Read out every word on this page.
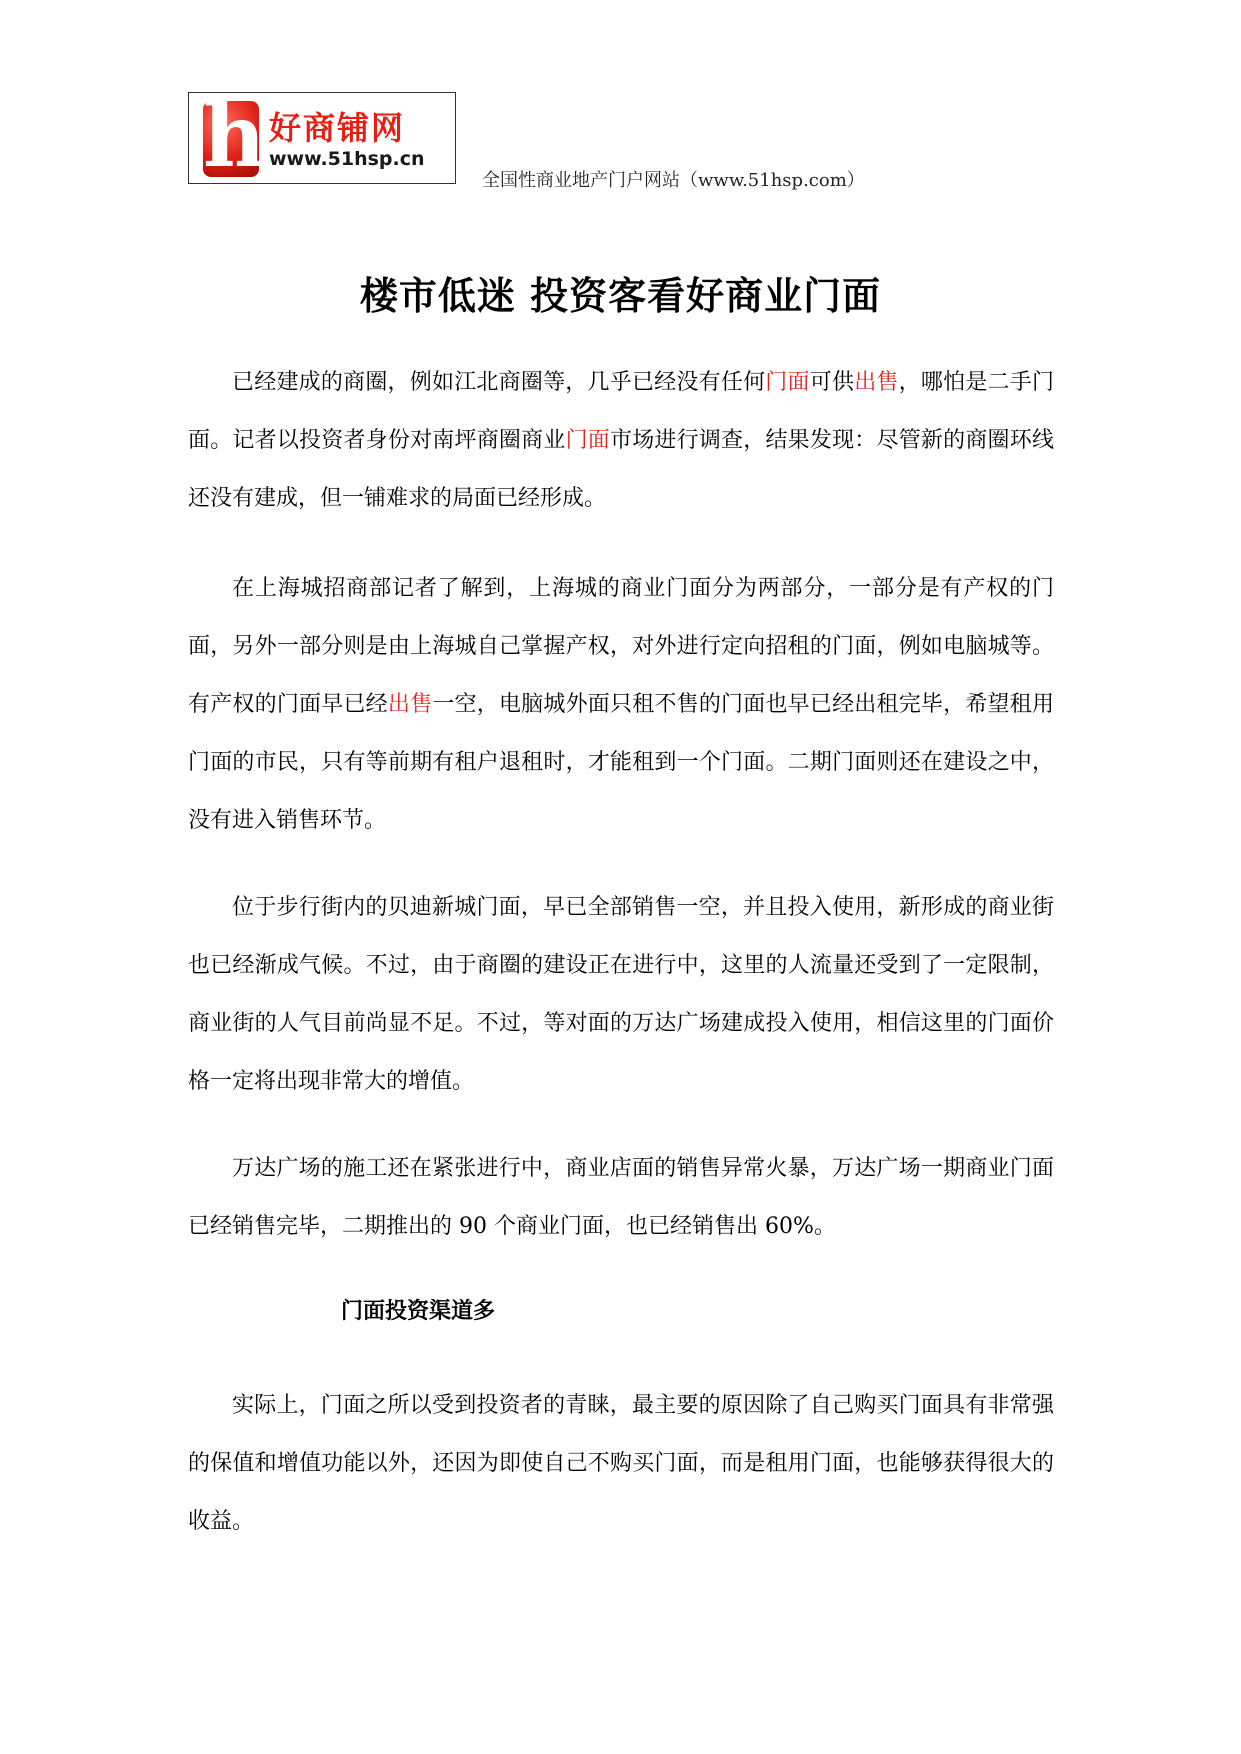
h
好商铺网
www.51hsp.cn
全国性商业地产门户网站（www.51hsp.com）
楼市低迷 投资客看好商业门面

已经建成的商圈，例如江北商圈等，几乎已经没有任何门面可供出售，哪怕是二手门面。记者以投资者身份对南坪商圈商业门面市场进行调查，结果发现：尽管新的商圈环线还没有建成，但一铺难求的局面已经形成。

在上海城招商部记者了解到，上海城的商业门面分为两部分，一部分是有产权的门面，另外一部分则是由上海城自己掌握产权，对外进行定向招租的门面，例如电脑城等。有产权的门面早已经出售一空，电脑城外面只租不售的门面也早已经出租完毕，希望租用门面的市民，只有等前期有租户退租时，才能租到一个门面。二期门面则还在建设之中，没有进入销售环节。

位于步行街内的贝迪新城门面，早已全部销售一空，并且投入使用，新形成的商业街也已经渐成气候。不过，由于商圈的建设正在进行中，这里的人流量还受到了一定限制，商业街的人气目前尚显不足。不过，等对面的万达广场建成投入使用，相信这里的门面价格一定将出现非常大的增值。

万达广场的施工还在紧张进行中，商业店面的销售异常火暴，万达广场一期商业门面已经销售完毕，二期推出的 90 个商业门面，也已经销售出 60%。

门面投资渠道多

实际上，门面之所以受到投资者的青睐，最主要的原因除了自己购买门面具有非常强的保值和增值功能以外，还因为即使自己不购买门面，而是租用门面，也能够获得很大的收益。
